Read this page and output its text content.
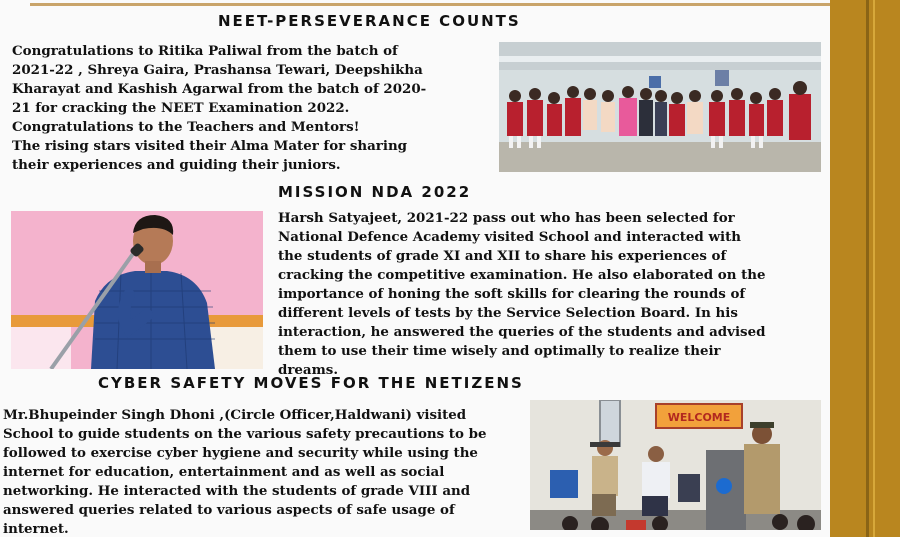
NEET-PERSEVERANCE COUNTS
Congratulations to Ritika Paliwal from the batch of
2021-22 , Shreya Gaira, Prashansa Tewari, Deepshikha
Kharayat and Kashish Agarwal from the batch of 2020-
21 for cracking the NEET Examination 2022.
Congratulations to the Teachers and Mentors!
The rising stars visited their Alma Mater for sharing
their experiences and guiding their juniors.
MISSION NDA 2022
Harsh Satyajeet, 2021-22 pass out who has been selected for
National Defence Academy visited School and interacted with
the students of grade XI and XII to share his experiences of
cracking the competitive examination. He also elaborated on the
importance of honing the soft skills for clearing the rounds of
different levels of tests by the Service Selection Board. In his
interaction, he answered the queries of the students and advised
them to use their time wisely and optimally to realize their
dreams.
CYBER SAFETY MOVES FOR THE NETIZENS
Mr.Bhupeinder Singh Dhoni ,(Circle Officer,Haldwani) visited
School to guide students on the various safety precautions to be
followed to exercise cyber hygiene and security while using the
internet for education, entertainment and as well as social
networking. He interacted with the students of grade VIII and
answered queries related to various aspects of safe usage of
internet.
WELCOME
